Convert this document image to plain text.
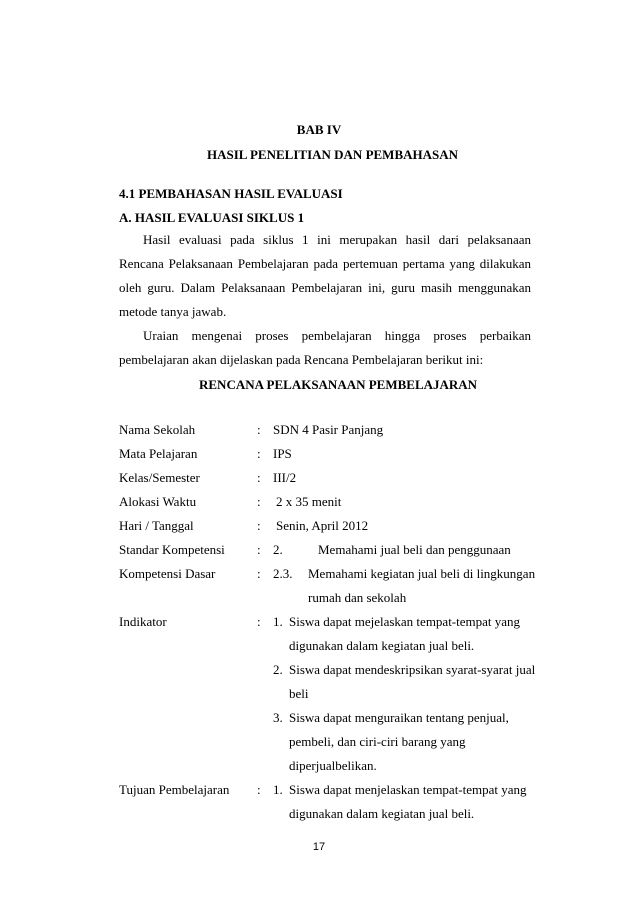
BAB IV
HASIL PENELITIAN DAN PEMBAHASAN
4.1 PEMBAHASAN HASIL EVALUASI
A. HASIL EVALUASI SIKLUS 1

Hasil evaluasi pada siklus 1 ini merupakan hasil dari pelaksanaan Rencana Pelaksanaan Pembelajaran pada pertemuan pertama yang dilakukan oleh guru. Dalam Pelaksanaan Pembelajaran ini, guru masih menggunakan metode tanya jawab.

Uraian mengenai proses pembelajaran hingga proses perbaikan pembelajaran akan dijelaskan pada Rencana Pembelajaran berikut ini:

RENCANA PELAKSANAAN PEMBELAJARAN
Nama Sekolah	: SDN 4 Pasir Panjang
Mata Pelajaran	: IPS
Kelas/Semester	: III/2
Alokasi Waktu	: 2 x 35 menit
Hari / Tanggal	: Senin, April 2012
Standar Kompetensi : 2.	Memahami jual beli dan penggunaan
Kompetensi Dasar	: 2.3. Memahami kegiatan jual beli di lingkungan
rumah dan sekolah
Indikator	: 1. Siswa dapat mejelaskan tempat-tempat yang
digunakan dalam kegiatan jual beli.
2. Siswa dapat mendeskripsikan syarat-syarat jual
beli
3. Siswa dapat menguraikan tentang penjual,
pembeli, dan ciri-ciri barang yang
diperjualbelikan.
Tujuan Pembelajaran : 1. Siswa dapat menjelaskan tempat-tempat yang
digunakan dalam kegiatan jual beli.
17
